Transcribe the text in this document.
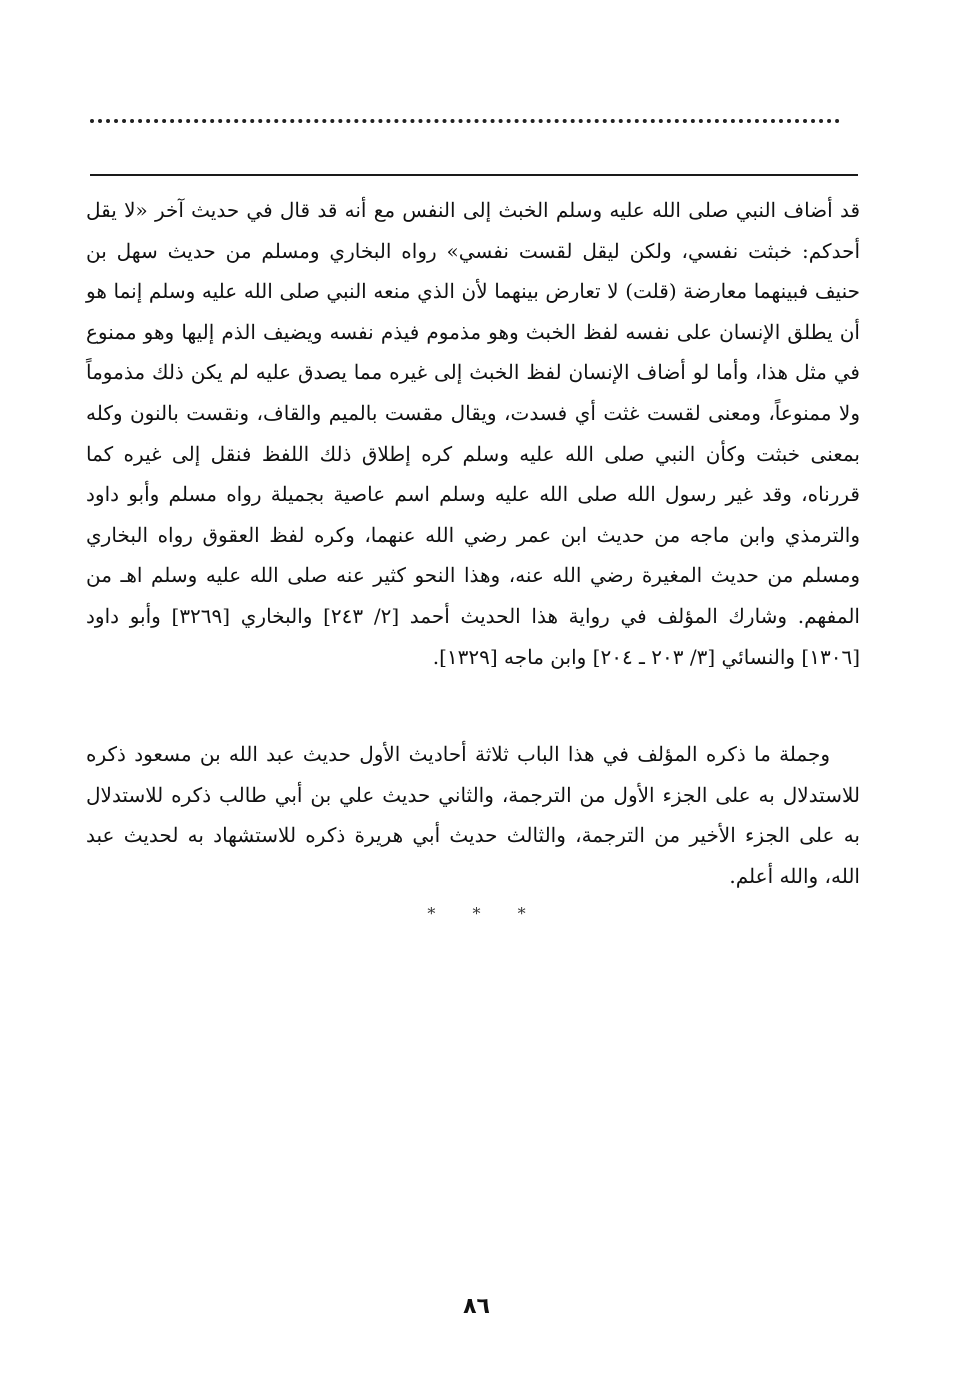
قد أضاف النبي صلى الله عليه وسلم الخبث إلى النفس مع أنه قد قال في حديث آخر «لا يقل أحدكم: خبثت نفسي، ولكن ليقل لقست نفسي» رواه البخاري ومسلم من حديث سهل بن حنيف فبينهما معارضة (قلت) لا تعارض بينهما لأن الذي منعه النبي صلى الله عليه وسلم إنما هو أن يطلق الإنسان على نفسه لفظ الخبث وهو مذموم فيذم نفسه ويضيف الذم إليها وهو ممنوع في مثل هذا، وأما لو أضاف الإنسان لفظ الخبث إلى غيره مما يصدق عليه لم يكن ذلك مذموماً ولا ممنوعاً، ومعنى لقست غثت أي فسدت، ويقال مقست بالميم والقاف، ونقست بالنون وكله بمعنى خبثت وكأن النبي صلى الله عليه وسلم كره إطلاق ذلك اللفظ فنقل إلى غيره كما قررناه، وقد غير رسول الله صلى الله عليه وسلم اسم عاصية بجميلة رواه مسلم وأبو داود والترمذي وابن ماجه من حديث ابن عمر رضي الله عنهما، وكره لفظ العقوق رواه البخاري ومسلم من حديث المغيرة رضي الله عنه، وهذا النحو كثير عنه صلى الله عليه وسلم اهـ من المفهم. وشارك المؤلف في رواية هذا الحديث أحمد [٢/ ٢٤٣] والبخاري [٣٢٦٩] وأبو داود [١٣٠٦] والنسائي [٣/ ٢٠٣ ـ ٢٠٤] وابن ماجه [١٣٢٩].

وجملة ما ذكره المؤلف في هذا الباب ثلاثة أحاديث الأول حديث عبد الله بن مسعود ذكره للاستدلال به على الجزء الأول من الترجمة، والثاني حديث علي بن أبي طالب ذكره للاستدلال به على الجزء الأخير من الترجمة، والثالث حديث أبي هريرة ذكره للاستشهاد به لحديث عبد الله، والله أعلم.

* * *
٨٦
